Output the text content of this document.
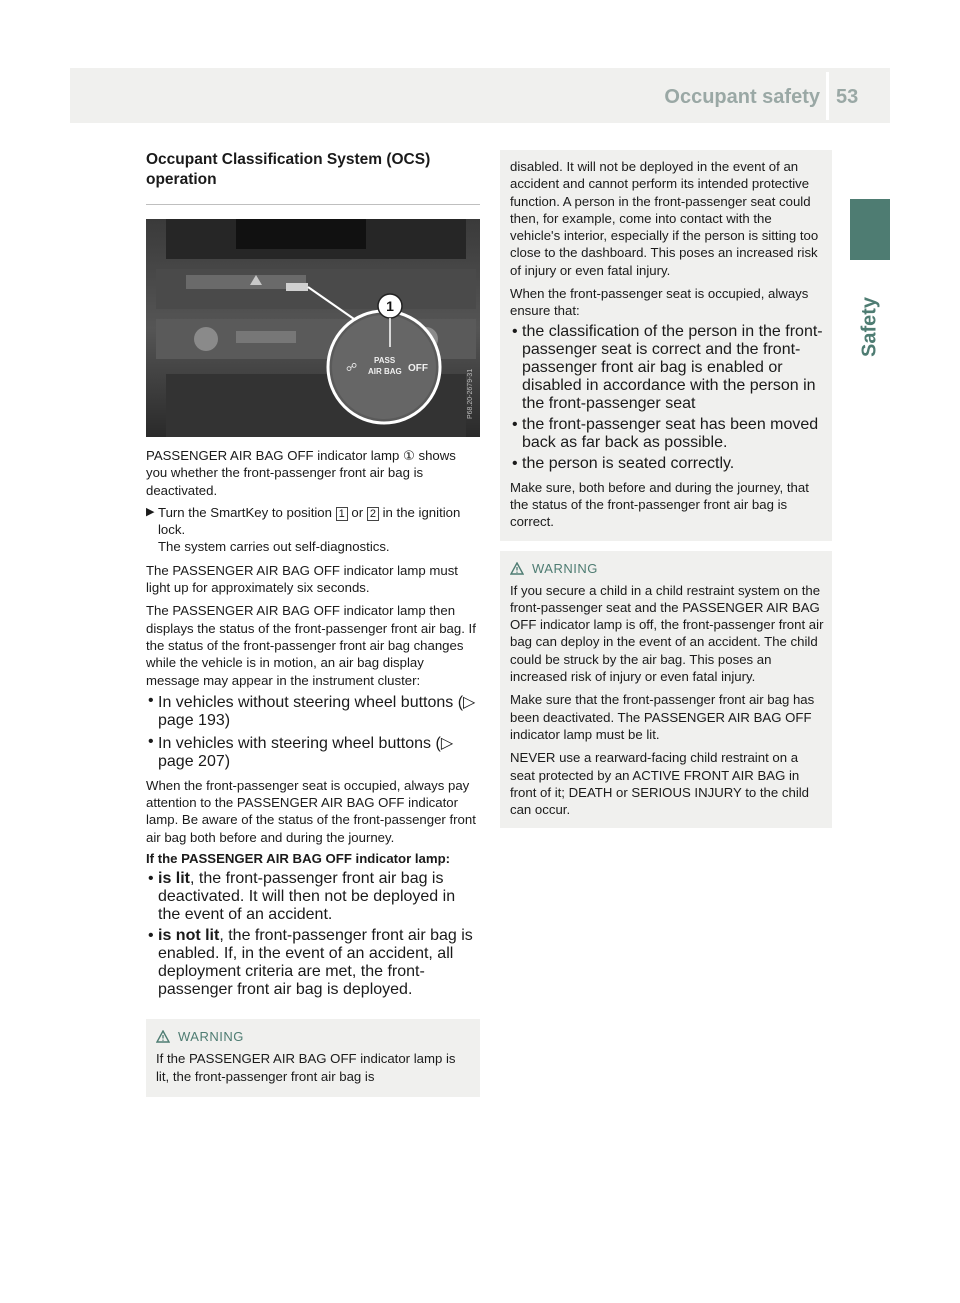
Occupant safety 53
Safety
Occupant Classification System (OCS) operation
1
☍
PASS
AIR BAG OFF
P68.20-2679-31

PASSENGER AIR BAG OFF indicator lamp ① shows you whether the front-passenger front air bag is deactivated.

▶ Turn the SmartKey to position 1 or 2 in the ignition lock.

The system carries out self-diagnostics.

The PASSENGER AIR BAG OFF indicator lamp must light up for approximately six seconds.

The PASSENGER AIR BAG OFF indicator lamp then displays the status of the front-passenger front air bag. If the status of the front-passenger front air bag changes while the vehicle is in motion, an air bag display message may appear in the instrument cluster:

• In vehicles without steering wheel buttons (▷ page 193)
• In vehicles with steering wheel buttons (▷ page 207)

When the front-passenger seat is occupied, always pay attention to the PASSENGER AIR BAG OFF indicator lamp. Be aware of the status of the front-passenger front air bag both before and during the journey.

If the PASSENGER AIR BAG OFF indicator lamp:

• is lit, the front-passenger front air bag is deactivated. It will then not be deployed in the event of an accident.
• is not lit, the front-passenger front air bag is enabled. If, in the event of an accident, all deployment criteria are met, the front-passenger front air bag is deployed.
WARNING

If the PASSENGER AIR BAG OFF indicator lamp is lit, the front-passenger front air bag is

disabled. It will not be deployed in the event of an accident and cannot perform its intended protective function. A person in the front-passenger seat could then, for example, come into contact with the vehicle's interior, especially if the person is sitting too close to the dashboard. This poses an increased risk of injury or even fatal injury.

When the front-passenger seat is occupied, always ensure that:

• the classification of the person in the front-passenger seat is correct and the front-passenger front air bag is enabled or disabled in accordance with the person in the front-passenger seat
• the front-passenger seat has been moved back as far back as possible.
• the person is seated correctly.

Make sure, both before and during the journey, that the status of the front-passenger front air bag is correct.

WARNING

If you secure a child in a child restraint system on the front-passenger seat and the PASSENGER AIR BAG OFF indicator lamp is off, the front-passenger front air bag can deploy in the event of an accident. The child could be struck by the air bag. This poses an increased risk of injury or even fatal injury.

Make sure that the front-passenger front air bag has been deactivated. The PASSENGER AIR BAG OFF indicator lamp must be lit.

NEVER use a rearward-facing child restraint on a seat protected by an ACTIVE FRONT AIR BAG in front of it; DEATH or SERIOUS INJURY to the child can occur.
